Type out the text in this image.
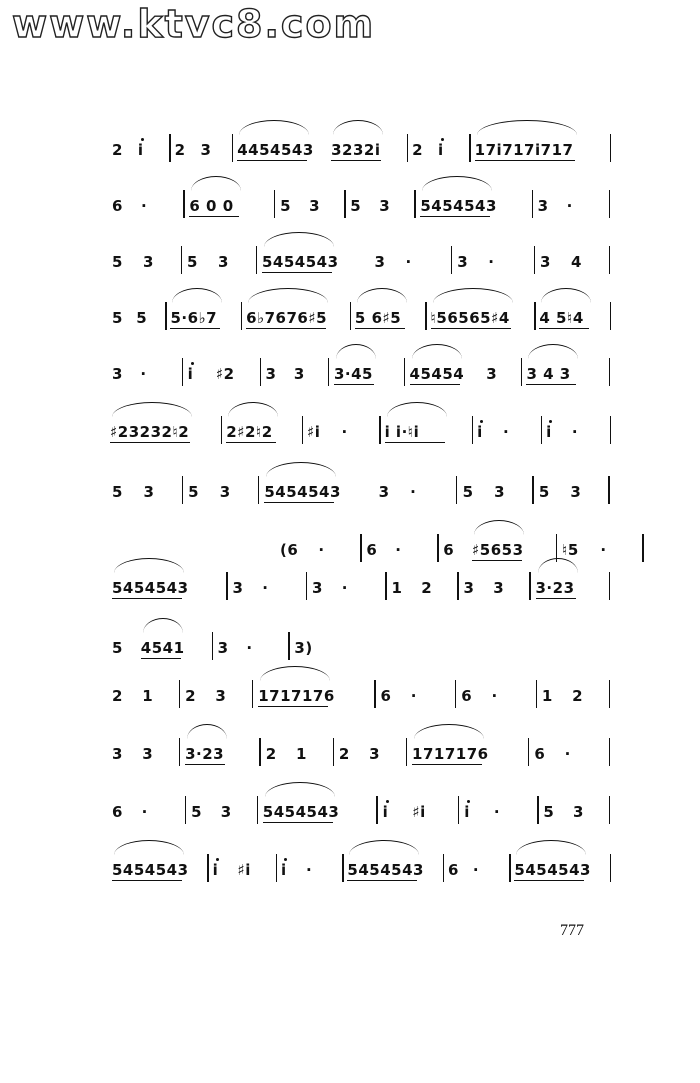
www.ktvc8.com
2 i 2 3 4454543 3232i 2 i 17i717i717
6 ·	6 0 0	5 3 5 3 5454543	3 ·
5 3 5 3 5454543 3 ·	3 ·	3 4
5 5 5·6♭7 6♭7676♯5 5 6♯5 ♮56565♯4 4 5♮4
3 ·	i ♯2 3 3 3·45 45454 3 3 4 3
♯23232♮2 2♯2♮2 ♯i · i i·♮i	i · i ·
5 3 5 3 5454543	3 ·	5 3 5 3
(6 ·	6 ·	6 ♯5653	♮5 ·
5454543	3 ·	3 ·	1 2 3 3 3·23
5 4541 3 ·	3)
2 1 2 3 1717176	6 ·	6 ·	1 2
3 3 3·23	2 1 2 3 1717176	6 ·
6 ·	5 3 5454543	i ♯i	i ·	5 3
5454543 i ♯i i · 5454543 6 · 5454543
777
